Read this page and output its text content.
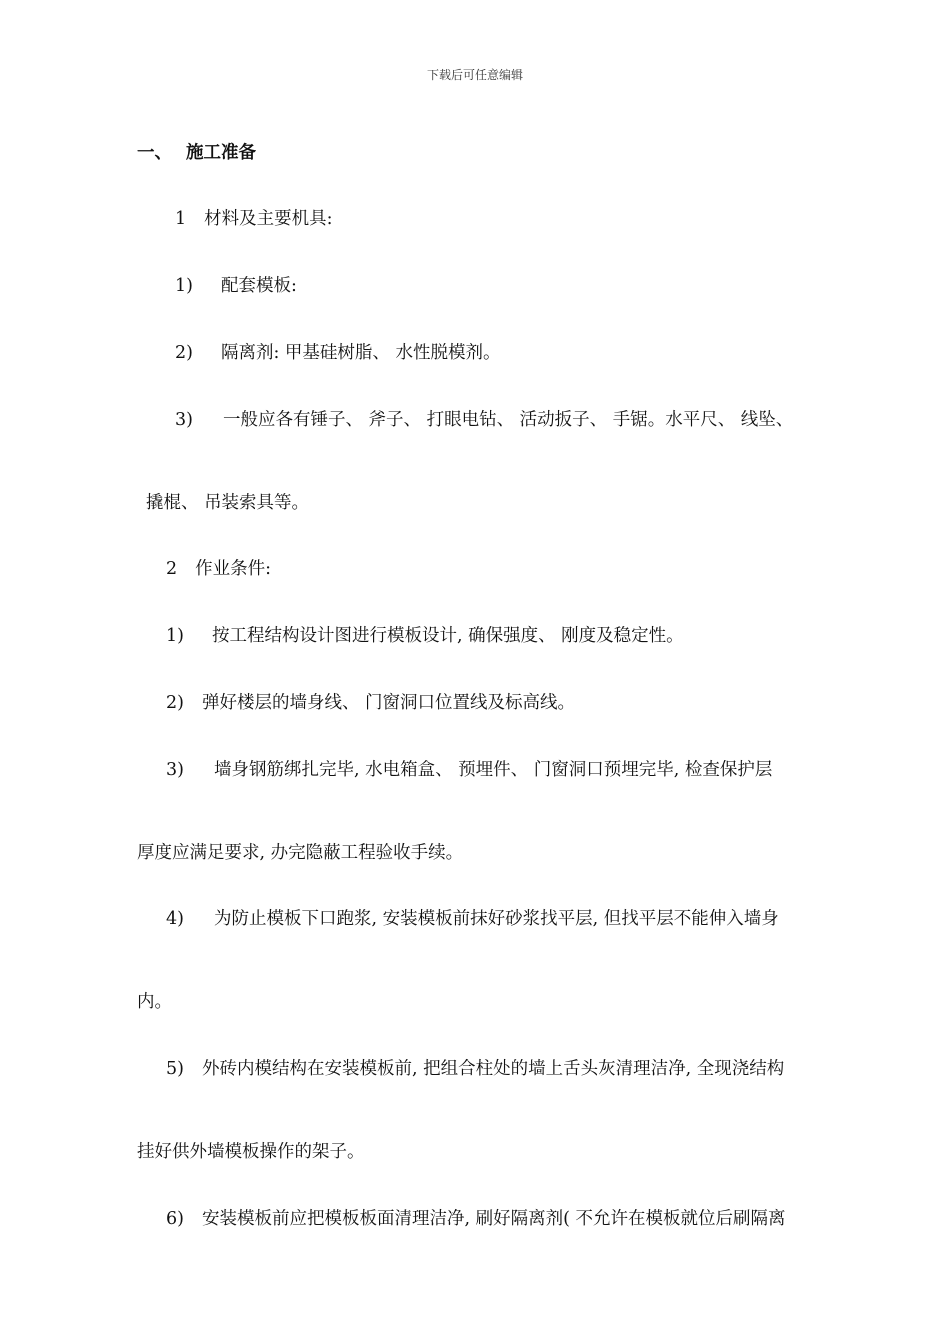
下载后可任意编辑
一、 施工准备
1 材料及主要机具:
1) 配套模板:
2) 隔离剂: 甲基硅树脂、 水性脱模剂。
3) 一般应各有锤子、 斧子、 打眼电钻、 活动扳子、 手锯。水平尺、 线坠、
撬棍、 吊装索具等。
2 作业条件:
1) 按工程结构设计图进行模板设计, 确保强度、 刚度及稳定性。
2) 弹好楼层的墙身线、 门窗洞口位置线及标高线。
3) 墙身钢筋绑扎完毕, 水电箱盒、 预埋件、 门窗洞口预埋完毕, 检查保护层
厚度应满足要求, 办完隐蔽工程验收手续。
4) 为防止模板下口跑浆, 安装模板前抹好砂浆找平层, 但找平层不能伸入墙身
内。
5) 外砖内模结构在安装模板前, 把组合柱处的墙上舌头灰清理洁净, 全现浇结构
挂好供外墙模板操作的架子。
6) 安装模板前应把模板板面清理洁净, 刷好隔离剂( 不允许在模板就位后刷隔离
